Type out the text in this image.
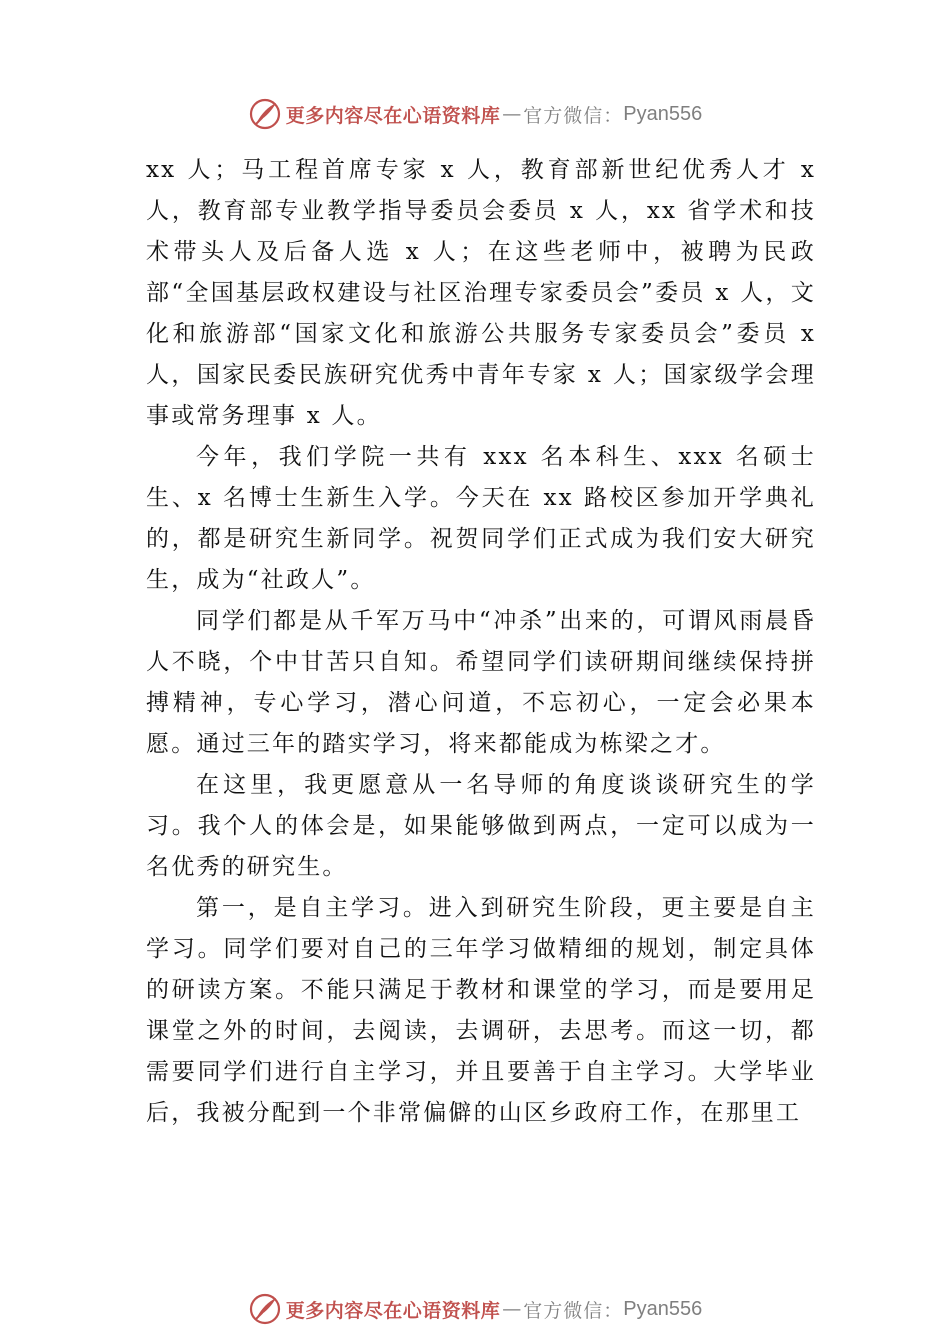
更多内容尽在心语资料库 — 官方微信： Pyan556

xx 人；马工程首席专家 x 人，教育部新世纪优秀人才 x 人，教育部专业教学指导委员会委员 x 人，xx 省学术和技术带头人及后备人选 x 人；在这些老师中，被聘为民政部“全国基层政权建设与社区治理专家委员会”委员 x 人，文化和旅游部“国家文化和旅游公共服务专家委员会”委员 x 人，国家民委民族研究优秀中青年专家 x 人；国家级学会理事或常务理事 x 人。

今年，我们学院一共有 xxx 名本科生、xxx 名硕士生、x 名博士生新生入学。今天在 xx 路校区参加开学典礼的，都是研究生新同学。祝贺同学们正式成为我们安大研究生，成为“社政人”。

同学们都是从千军万马中“冲杀”出来的，可谓风雨晨昏人不晓，个中甘苦只自知。希望同学们读研期间继续保持拼搏精神，专心学习，潜心问道，不忘初心，一定会必果本愿。通过三年的踏实学习，将来都能成为栋梁之才。

在这里，我更愿意从一名导师的角度谈谈研究生的学习。我个人的体会是，如果能够做到两点，一定可以成为一名优秀的研究生。

第一，是自主学习。进入到研究生阶段，更主要是自主学习。同学们要对自己的三年学习做精细的规划，制定具体的研读方案。不能只满足于教材和课堂的学习，而是要用足课堂之外的时间，去阅读，去调研，去思考。而这一切，都需要同学们进行自主学习，并且要善于自主学习。大学毕业后，我被分配到一个非常偏僻的山区乡政府工作，在那里工

更多内容尽在心语资料库 — 官方微信： Pyan556
